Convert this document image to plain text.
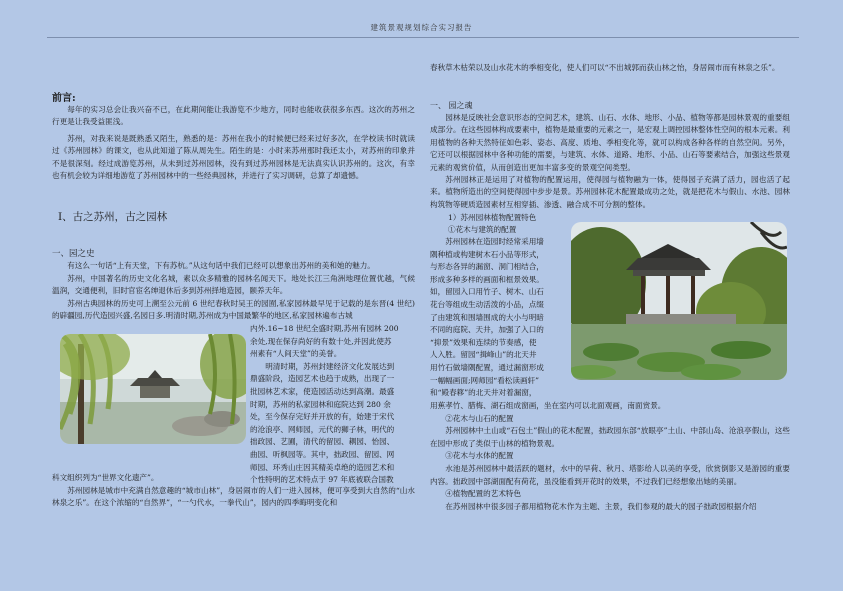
建筑景观规划综合实习报告
前言:

每年的实习总会让我兴奋不已，在此期间能让我游览不少地方，同时也能收获很多东西。这次的苏州之行更是让我受益匪浅。

苏州，对我来说是既熟悉又陌生，熟悉的是：苏州在我小的时候便已经来过好多次，在学校读书时就读过《苏州园林》的课文，也从此知道了陈从周先生。陌生的是：小时来苏州那时我还太小，对苏州的印象并不是很深刻。经过成游览苏州，从未到过苏州园林，没有到过苏州园林是无法真实认识苏州的。这次，有幸也有机会较为详细地游览了苏州园林中的一些经典园林，并进行了实习调研，总算了却遗憾。

Ⅰ、古之苏州，古之园林
一、园之史

有这么一句话“上有天堂，下有苏杭。”从这句话中我们已经可以想象出苏州的美和她的魅力。

苏州，中国著名的历史文化名城，素以众多精雅的园林名闻天下。地处长江三角洲地理位置优越，气候温润，交通便利，旧时官宦名绅退休后多到苏州择地造园，颐养天年。

苏州古典园林的历史可上溯至公元前 6 世纪春秋时吴王的园囿,私家园林最早见于记载的是东晋(4 世纪)的辟疆园,历代造园兴盛,名园日多.明清时期,苏州成为中国最繁华的地区,私家园林遍布古城

内外.16~18 世纪全盛时期,苏州有园林 200
余处,现在保存尚好的有数十处,并因此使苏
州素有“人间天堂”的美誉。
明清时期，苏州封建经济文化发展达到
鼎盛阶段，造园艺术也趋于成熟，出现了一
批园林艺术家，使造园活动达到高潮。最盛
时期，苏州的私家园林和庭院达到 280 余
处，至今保存完好并开放的有，始建于宋代
的沧浪亭、网师园，元代的狮子林，明代的
拙政园、艺圃，清代的留园、耦园、怡园、
曲园、听枫园等。其中，拙政园、留园、网
师园、环秀山庄因其精美卓绝的造园艺术和
个性特明的艺术特点于 97 年底被联合国教

科文组织列为“世界文化遗产”。

苏州园林是城市中充满自然意趣的“城市山林”，身居闹市的人们一进入园林，便可享受到大自然的“山水林泉之乐”。在这个浓缩的“自然界”，“一勺代水，一拳代山”，园内的四季晦明变化和

春秋草木枯荣以及山水花木的季相变化，使人们可以“不出城郭而获山林之怡，身居闹市而有林泉之乐”。

一、 园之魂

园林是反映社会意识形态的空间艺术，建筑、山石、水体、地形、小品、植物等都是园林景观的重要组成部分。在这些园林构成要素中，植物是最重要的元素之一，是宏观上调控园林整体性空间的根本元素。利用植物的各种天然特征如色彩、姿态、高度、质地、季相变化等，就可以构成各种各样的自然空间。另外，它还可以根据园林中各种功能的需要，与建筑、水体、道路、地形、小品、山石等要素结合，加强这些景观元素的观赏价值，从而创造出更加丰富多变的景观空间类型。

苏州园林正是运用了对植物的配置运用，使得园与植物融为一体，使得园子充满了活力，园也活了起来。植物所造出的空间使得园中步步是景。苏州园林花木配置最成功之处，就是把花木与假山、水池、园林构筑物等硬质造园素材互相穿插、渗透、融合成不可分割的整体。

1）苏州园林植物配置特色
①花木与建筑的配置
苏州园林在造园时经常采用墙
隅种植或构建树木石小品等形式，
与形态各异的漏窗、洞门相结合，
形成多种多样的画面和框景效果。
如，留园入口用竹子、树木、山石
花台等组成生动活泼的小品，点缀
了由建筑和围墙围成的大小与明暗
不同的庭院、天井，加强了入口的
“抑景”效果和连续的节奏感，使
人入胜。留园“揖峰山”的北天井
用竹石做墙隅配置，通过漏窗形成
一幅幅画面;网师园“看松读画轩”
和“殿春簃”的北天井对着漏窗，

用蕉孝竹、腊梅、湖石组成窗画，坐在室内可以北面观画，南面赏景。

②花木与山石的配置

苏州园林中土山或“石包土”假山的花木配置，拙政园东部“放眼亭”土山、中部山岛、沧浪亭假山，这些在园中形成了类似于山林的植物景观。

③花木与水体的配置

水池是苏州园林中最活跃的题材，水中的早荷、秋月、塔影给人以美的享受，欣赏倒影又是游园的重要内容。拙政园中部湖面配有荷花，虽没能看到开花时的效果，不过我们已经想象出她的美丽。

④植物配置的艺术特色

在苏州园林中很多园子都用植物花木作为主题、主景，我们参观的最大的园子拙政园根据介绍
